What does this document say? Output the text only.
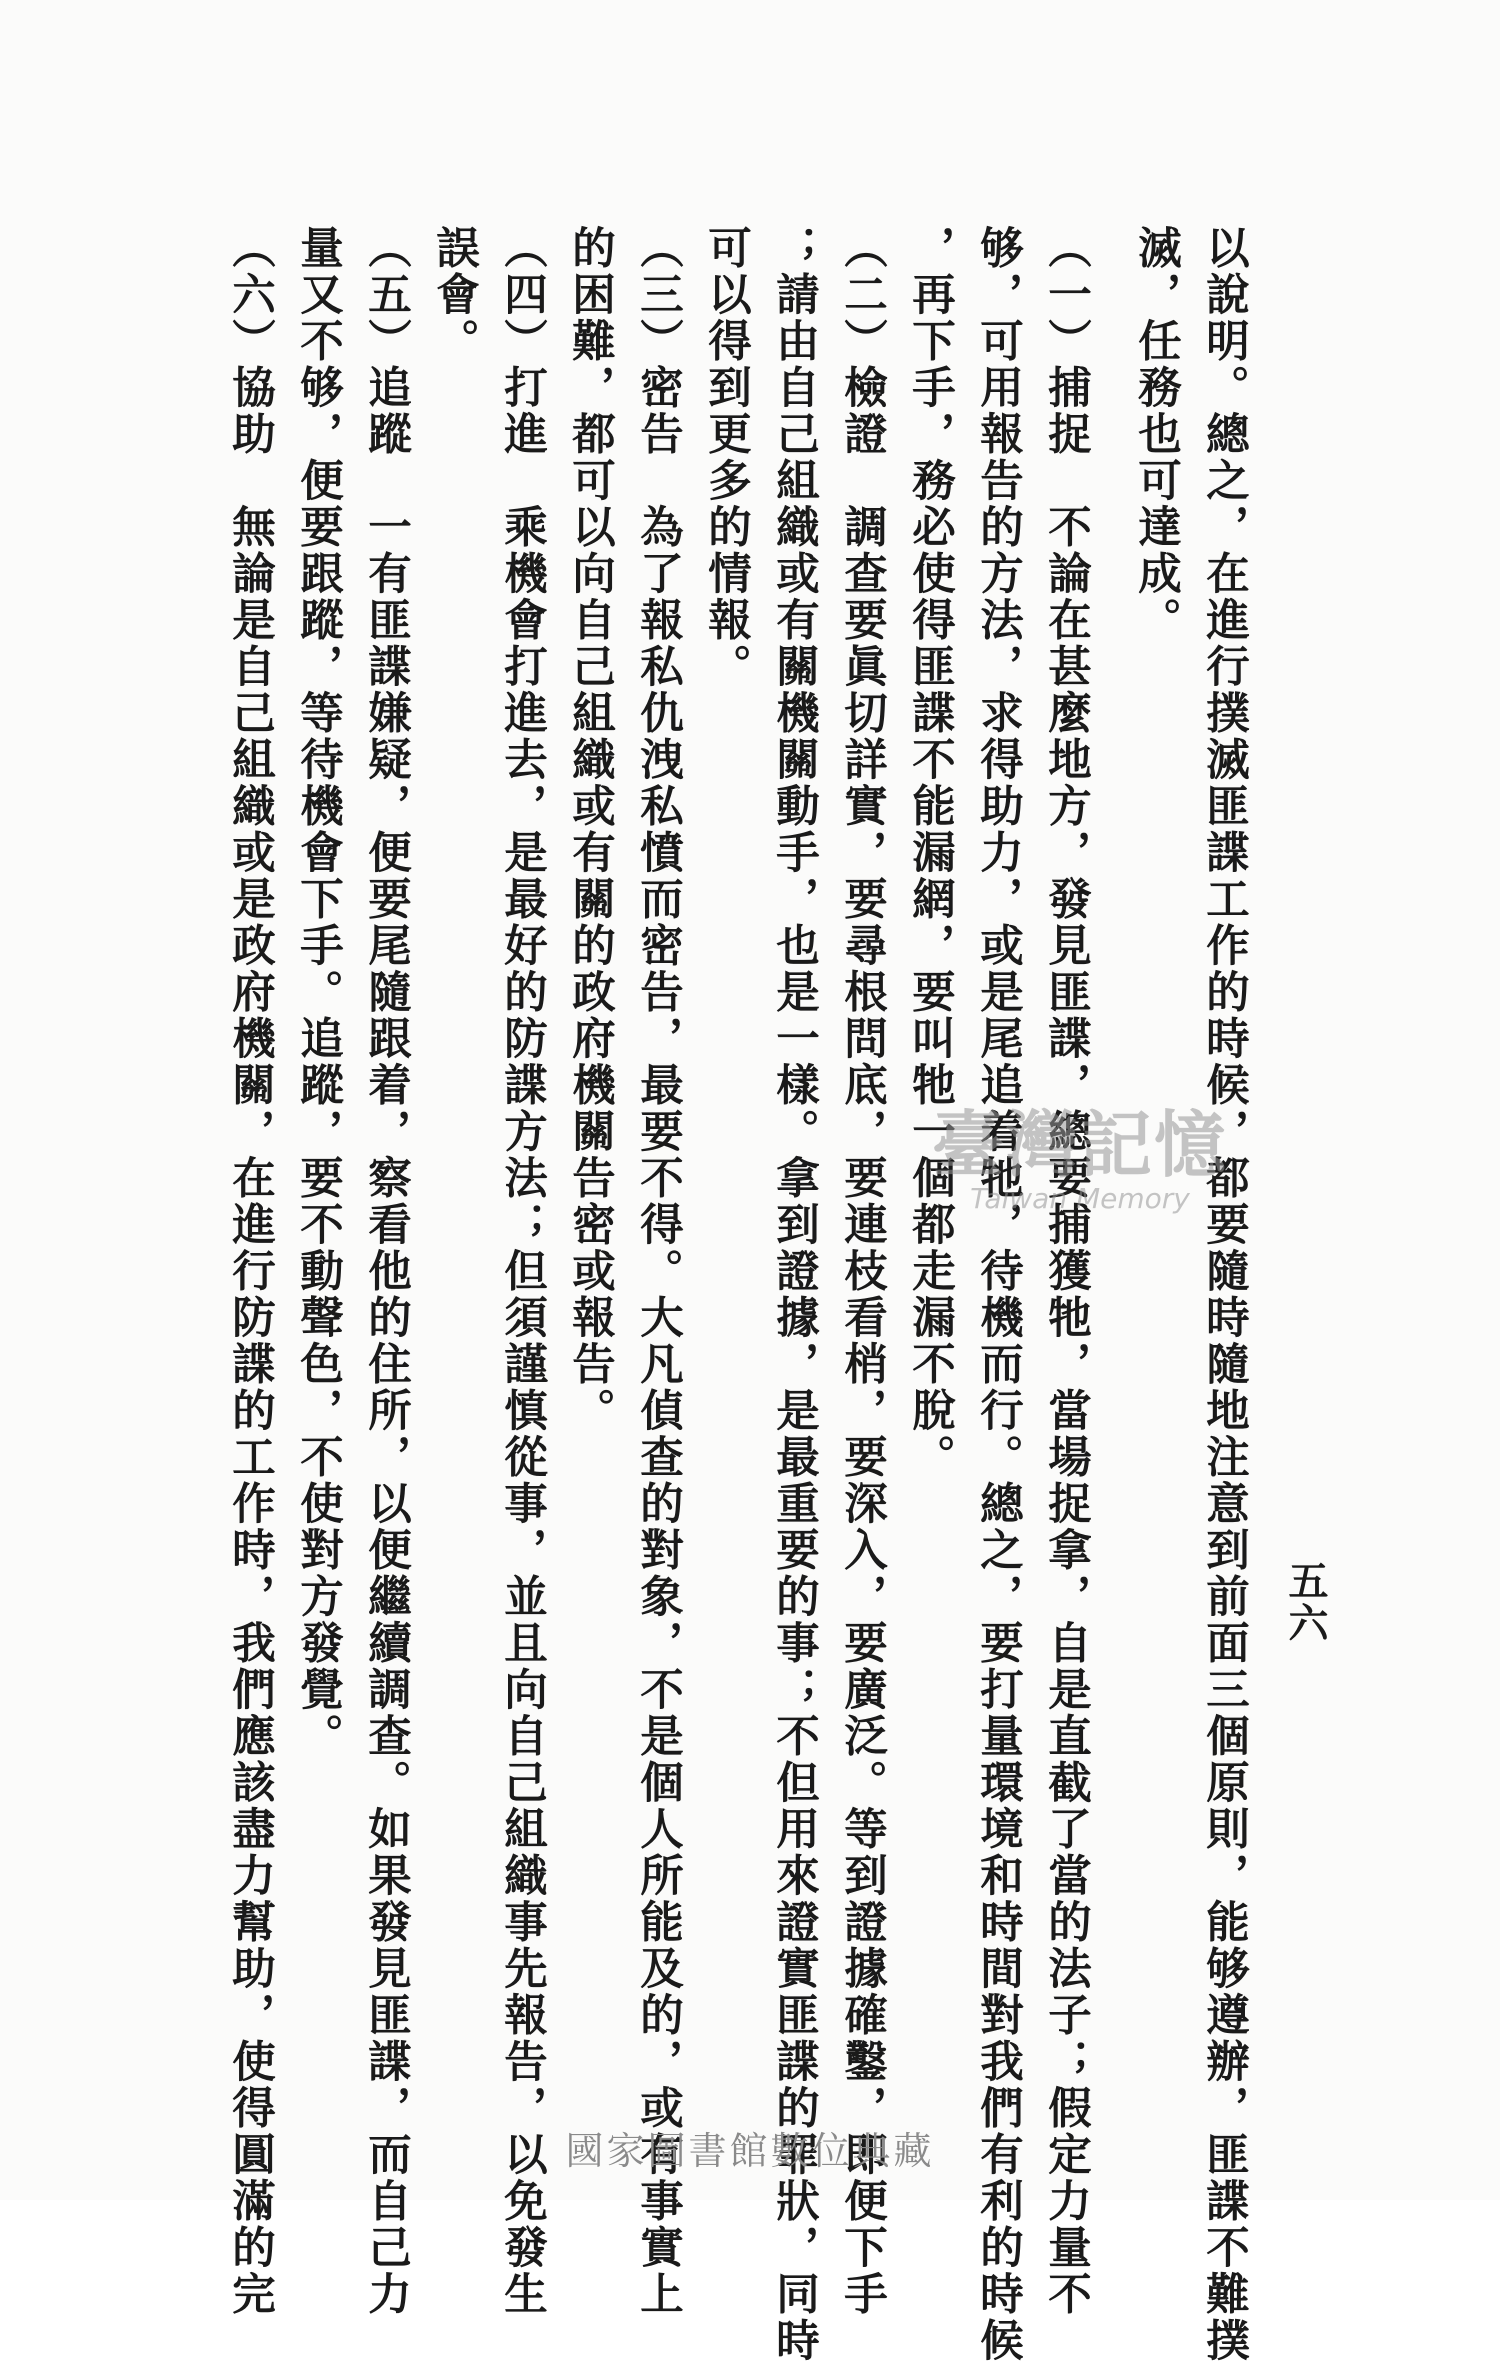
五六
以說明。總之，在進行撲滅匪諜工作的時候，都要隨時隨地注意到前面三個原則，能够遵辦，匪諜不難撲
滅，任務也可達成。
（一）捕捉　不論在甚麼地方，發見匪諜，總要捕獲牠，當場捉拿，自是直截了當的法子；假定力量不
够，可用報告的方法，求得助力，或是尾追着牠，待機而行。總之，要打量環境和時間對我們有利的時候
，再下手，務必使得匪諜不能漏網，要叫牠一個都走漏不脫。
（二）檢證　調查要眞切詳實，要尋根問底，要連枝看梢，要深入，要廣泛。等到證據確鑿，即便下手
；請由自己組織或有關機關動手，也是一樣。拿到證據，是最重要的事；不但用來證實匪諜的罪狀，同時
可以得到更多的情報。
（三）密告　為了報私仇洩私憤而密告，最要不得。大凡偵查的對象，不是個人所能及的，或有事實上
的困難，都可以向自己組織或有關的政府機關告密或報告。
（四）打進　乘機會打進去，是最好的防諜方法；但須謹慎從事，並且向自己組織事先報告，以免發生
誤會。
（五）追蹤　一有匪諜嫌疑，便要尾隨跟着，察看他的住所，以便繼續調查。如果發見匪諜，而自己力
量又不够，便要跟蹤，等待機會下手。追蹤，要不動聲色，不使對方發覺。
（六）協助　無論是自己組織或是政府機關，在進行防諜的工作時，我們應該盡力幫助，使得圓滿的完	臺灣記憶
Taiwan Memory
國家圖書館數位典藏
